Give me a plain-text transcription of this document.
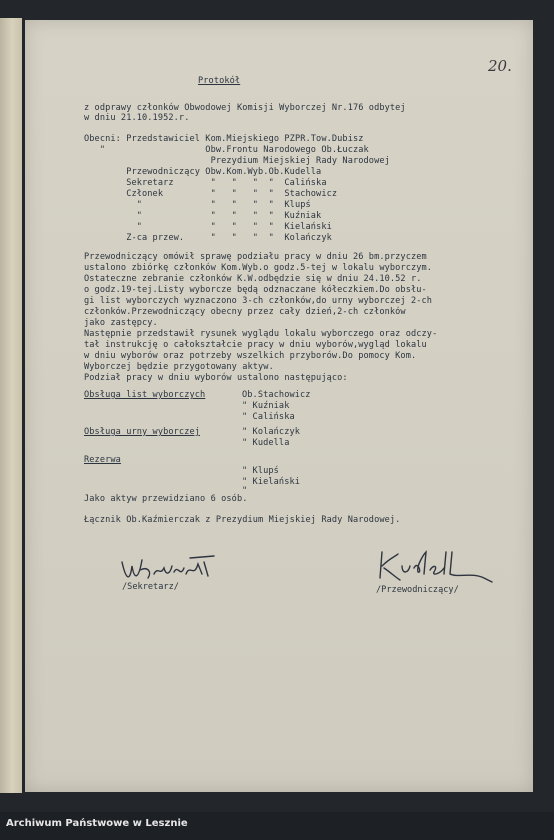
20.
Protokół
z odprawy członków Obwodowej Komisji Wyborczej Nr.176 odbytej
w dniu 21.10.1952.r.
Obecni: Przedstawiciel Kom.Miejskiego PZPR.Tow.Dubisz
"                   Obw.Frontu Narodowego Ob.Łuczak
Prezydium Miejskiej Rady Narodowej
Przewodniczący Obw.Kom.Wyb.Ob.Kudella
Sekretarz       "   "   "  "  Calińska
Członek         "   "   "  "  Stachowicz
"             "   "   "  "  Klupś
"             "   "   "  "  Kuźniak
"             "   "   "  "  Kielański
Z-ca przew.     "   "   "  "  Kolańczyk
Przewodniczący omówił sprawę podziału pracy w dniu 26 bm.przyczem
ustalono zbiórkę członków Kom.Wyb.o godz.5-tej w lokalu wyborczym.
Ostateczne zebranie członków K.W.odbędzie się w dniu 24.10.52 r.
o godz.19-tej.Listy wyborcze będą odznaczane kółeczkiem.Do obsłu-
gi list wyborczych wyznaczono 3-ch członków,do urny wyborczej 2-ch
członków.Przewodniczący obecny przez cały dzień,2-ch członków
jako zastępcy.
Następnie przedstawił rysunek wyglądu lokalu wyborczego oraz odczy-
tał instrukcję o całokształcie pracy w dniu wyborów,wygląd lokalu
w dniu wyborów oraz potrzeby wszelkich przyborów.Do pomocy Kom.
Wyborczej będzie przygotowany aktyw.
Podział pracy w dniu wyborów ustalono następująco:
Obsługa list wyborczych	Ob.Stachowicz
" Kuźniak
" Calińska
Obsługa urny wyborczej	" Kolańczyk
" Kudella
Rezerwa
" Klupś
" Kielański
"
Jako aktyw przewidziano 6 osób.
Łącznik Ob.Kaźmierczak z Prezydium Miejskiej Rady Narodowej.
/Sekretarz/	/Przewodniczący/
Archiwum Państwowe w Lesznie
